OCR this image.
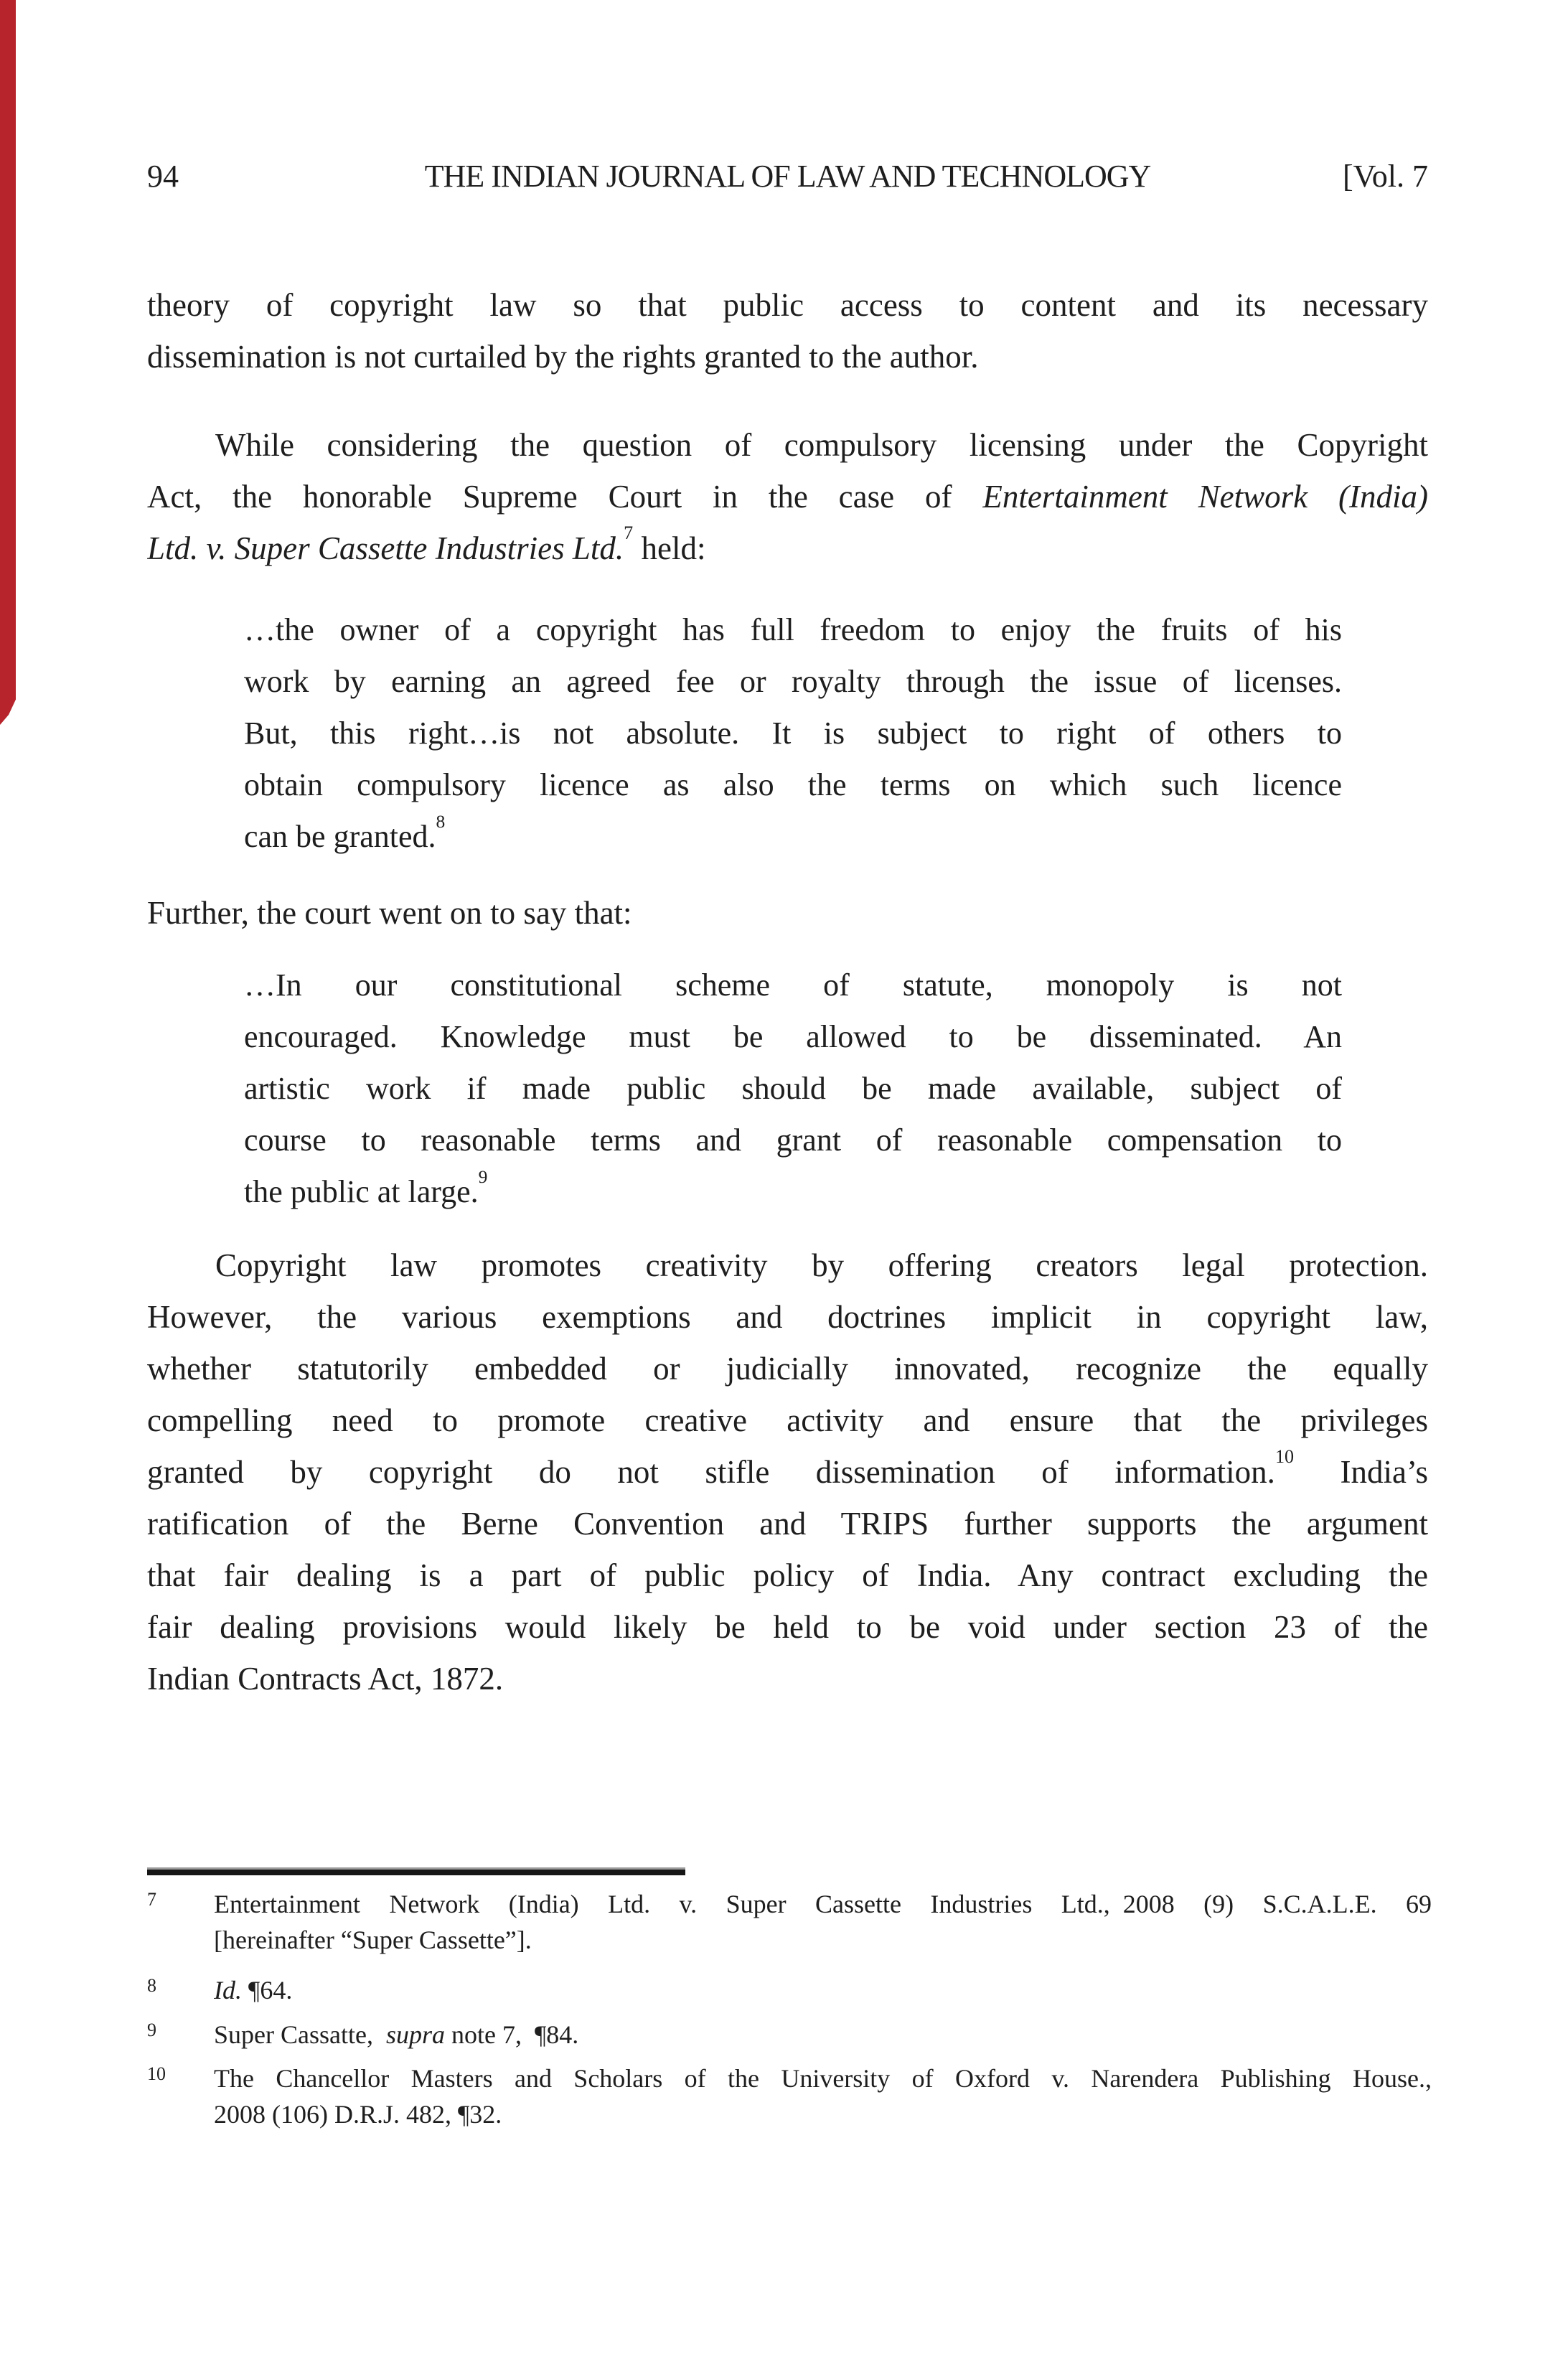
94	THE INDIAN JOURNAL OF LAW AND TECHNOLOGY	[Vol. 7
theory of copyright law so that public access to content and its necessary
dissemination is not curtailed by the rights granted to the author.
While considering the question of compulsory licensing under the Copyright
Act, the honorable Supreme Court in the case of Entertainment Network (India)
Ltd. v. Super Cassette Industries Ltd.$^7$ held:
…the owner of a copyright has full freedom to enjoy the fruits of his
work by earning an agreed fee or royalty through the issue of licenses.
But, this right…is not absolute. It is subject to right of others to
obtain compulsory licence as also the terms on which such licence
can be granted.$^8$
Further, the court went on to say that:
…In our constitutional scheme of statute, monopoly is not
encouraged. Knowledge must be allowed to be disseminated. An
artistic work if made public should be made available, subject of
course to reasonable terms and grant of reasonable compensation to
the public at large.$^9$
Copyright law promotes creativity by offering creators legal protection.
However, the various exemptions and doctrines implicit in copyright law,
whether statutorily embedded or judicially innovated, recognize the equally
compelling need to promote creative activity and ensure that the privileges
granted by copyright do not stifle dissemination of information.$^{10}$ India’s
ratification of the Berne Convention and TRIPS further supports the argument
that fair dealing is a part of public policy of India. Any contract excluding the
fair dealing provisions would likely be held to be void under section 23 of the
Indian Contracts Act, 1872.
7 Entertainment Network (India) Ltd. v. Super Cassette Industries Ltd., 2008 (9) S.C.A.L.E. 69
[hereinafter “Super Cassette”].
8 Id. ¶64.
9 Super Cassatte, supra note 7, ¶84.
10 The Chancellor Masters and Scholars of the University of Oxford v. Narendera Publishing House.,
2008 (106) D.R.J. 482, ¶32.
